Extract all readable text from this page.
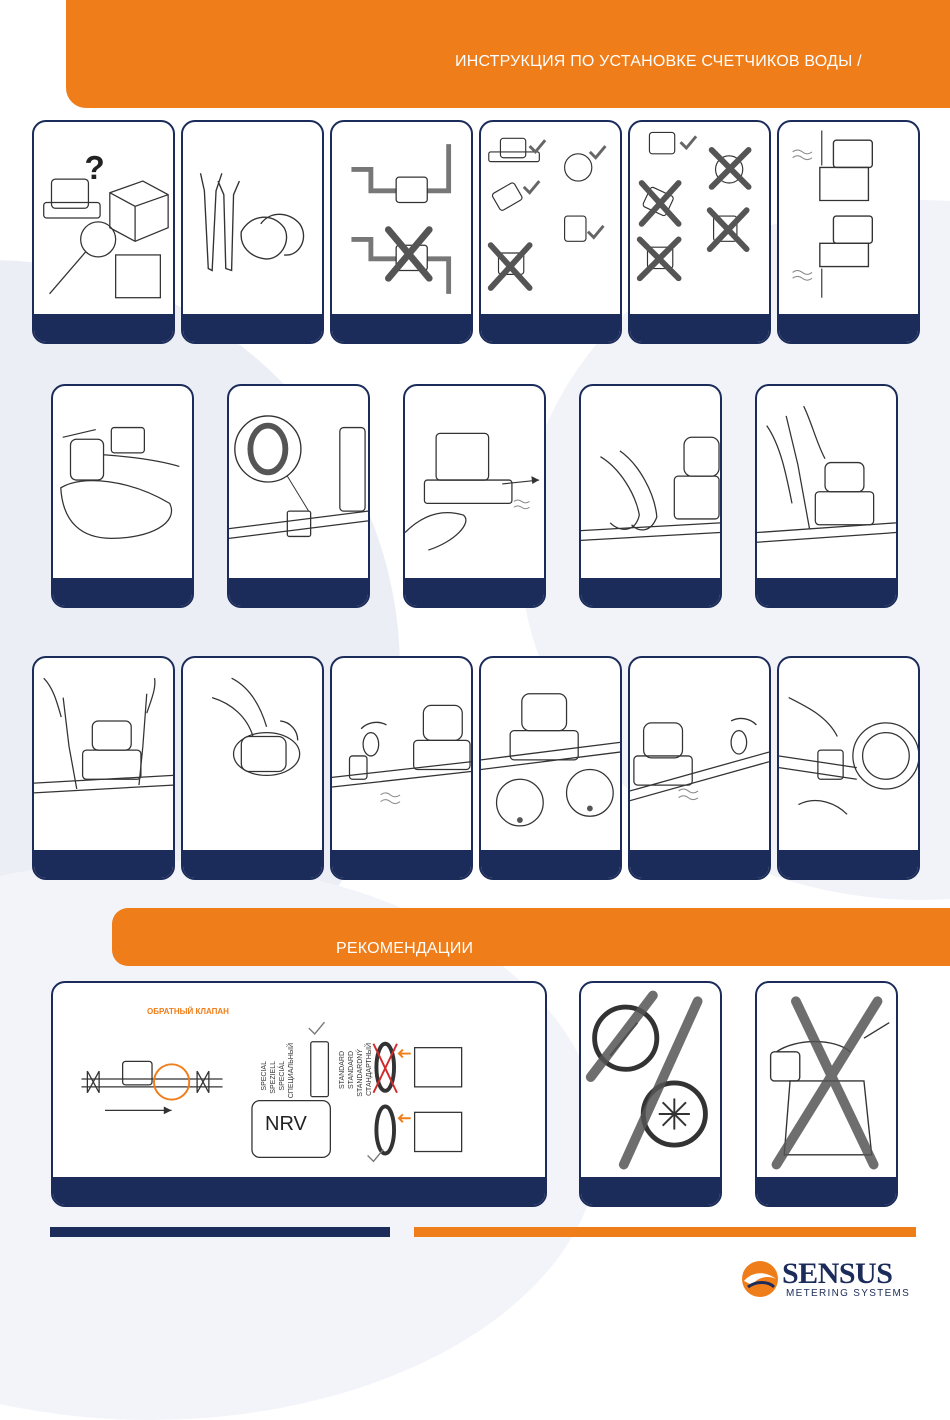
ИНСТРУКЦИЯ ПО УСТАНОВКЕ СЧЕТЧИКОВ ВОДЫ /
?
РЕКОМЕНДАЦИИ
ОБРАТНЫЙ КЛАПАН
NRV
SPECIAL SPEZIELL SPECIÁL СПЕЦИАЛЬНЫЙ	STANDARD STANDARD STANDARDNÝ СТАНДАРТНЫЙ
SENSUS
METERING SYSTEMS
